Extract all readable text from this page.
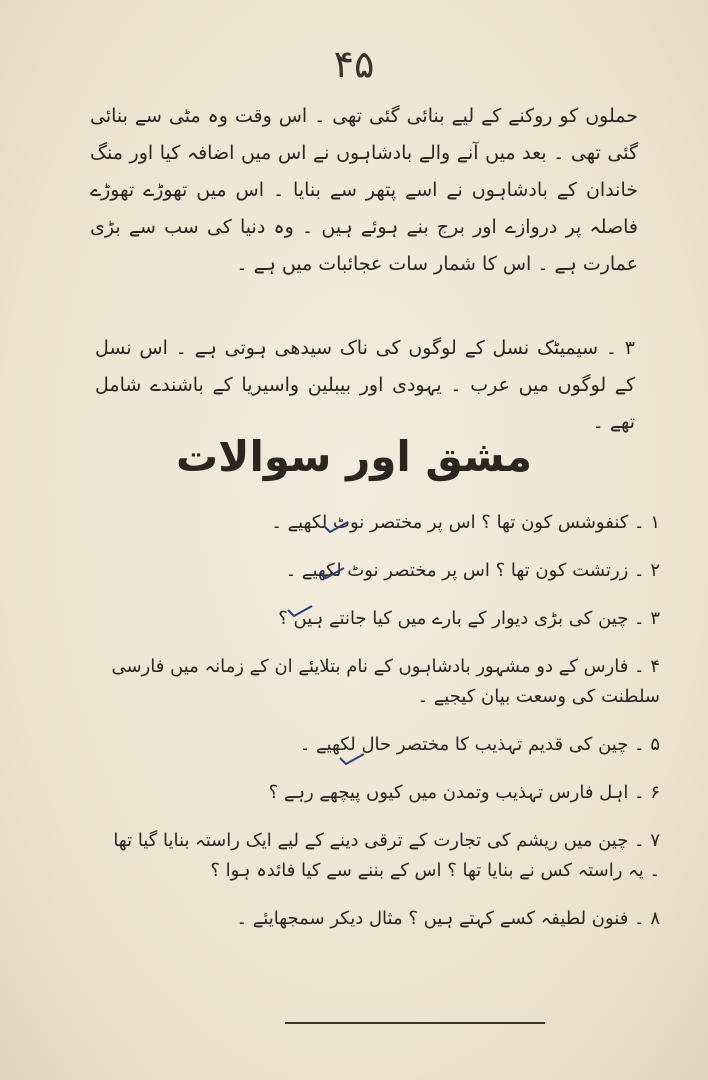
۴۵

حملوں کو روکنے کے لیے بنائی گئی تھی ۔ اس وقت وہ مٹی سے بنائی گئی تھی ۔ بعد میں آنے والے بادشاہوں نے اس میں اضافہ کیا اور منگ خاندان کے بادشاہوں نے اسے پتھر سے بنایا ۔ اس میں تھوڑے تھوڑے فاصلہ پر دروازے اور برج بنے ہوئے ہیں ۔ وہ دنیا کی سب سے بڑی عمارت ہے ۔ اس کا شمار سات عجائبات میں ہے ۔

۳ ۔ سیمیٹک نسل کے لوگوں کی ناک سیدھی ہوتی ہے ۔ اس نسل کے لوگوں میں عرب ۔ یہودی اور بیبلین واسیریا کے باشندے شامل تھے ۔

مشق اور سوالات
۱ ۔ کنفوشس کون تھا ؟ اس پر مختصر نوٹ لکھیے ۔
۲ ۔ زرتشت کون تھا ؟ اس پر مختصر نوٹ لکھیے ۔
۳ ۔ چین کی بڑی دیوار کے بارے میں کیا جانتے ہیں ؟
۴ ۔ فارس کے دو مشہور بادشاہوں کے نام بتلایئے ان کے زمانہ میں فارسی سلطنت کی وسعت بیان کیجیے ۔
۵ ۔ چین کی قدیم تہذیب کا مختصر حال لکھیے ۔
۶ ۔ اہل فارس تہذیب وتمدن میں کیوں پیچھے رہے ؟
۷ ۔ چین میں ریشم کی تجارت کے ترقی دینے کے لیے ایک راستہ بنایا گیا تھا ۔ یہ راستہ کس نے بنایا تھا ؟ اس کے بننے سے کیا فائدہ ہوا ؟
۸ ۔ فنون لطیفہ کسے کہتے ہیں ؟ مثال دیکر سمجھایئے ۔
